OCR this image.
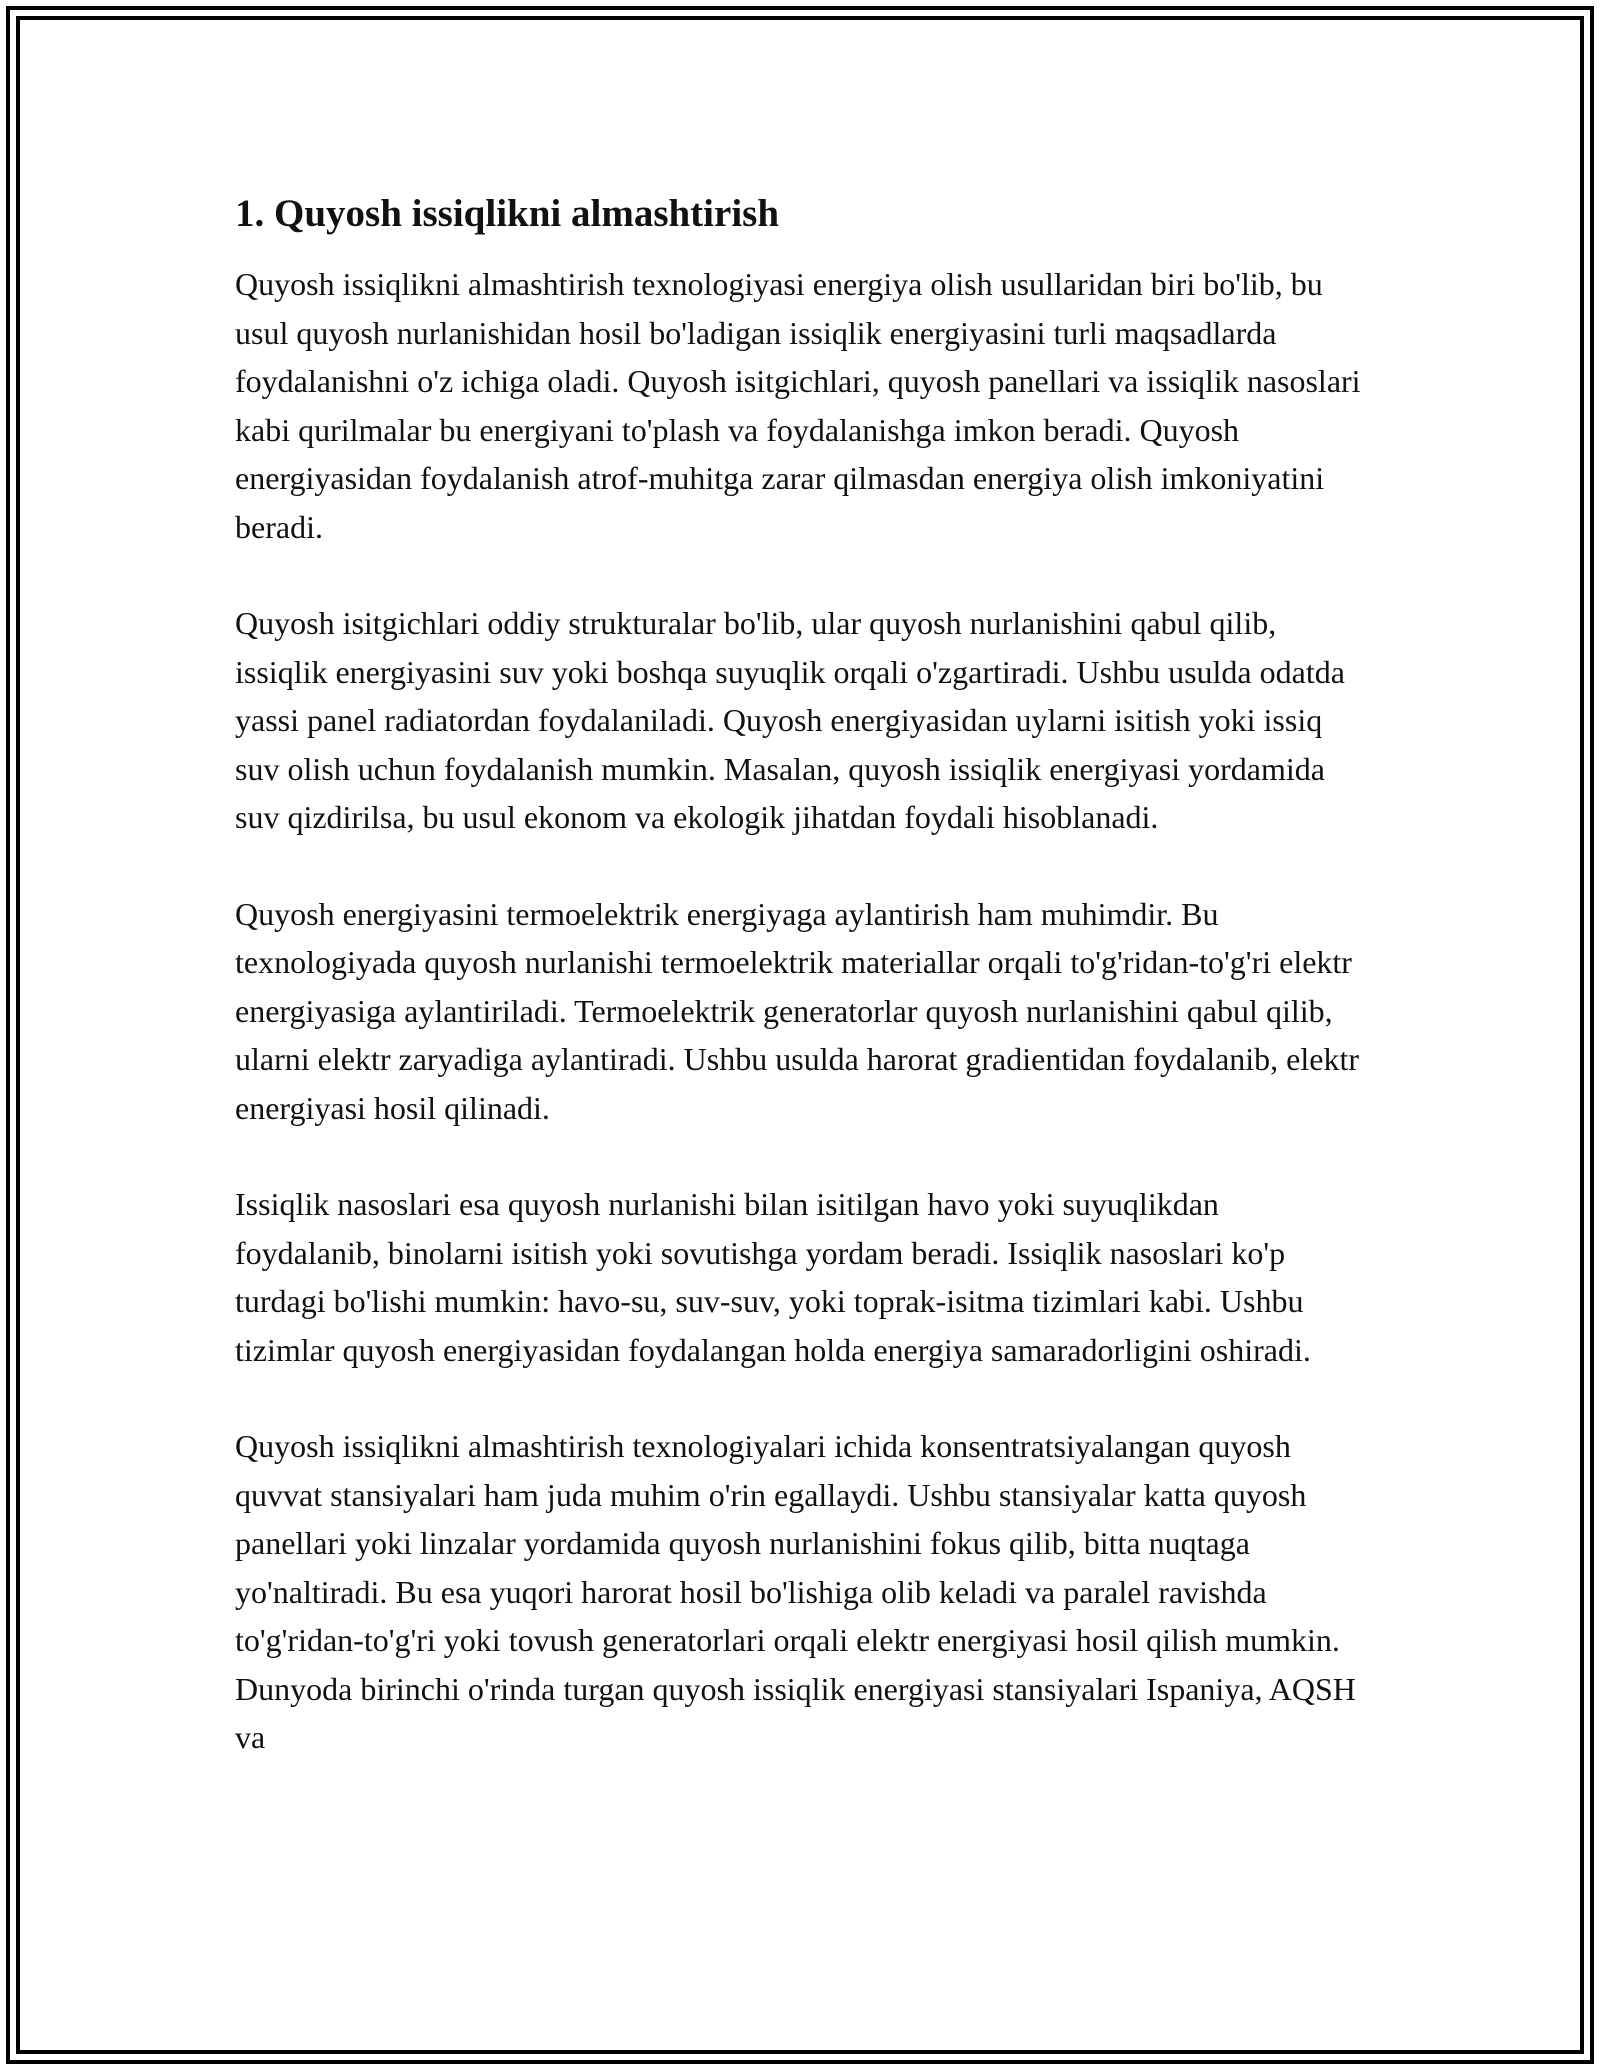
1. Quyosh issiqlikni almashtirish

Quyosh issiqlikni almashtirish texnologiyasi energiya olish usullaridan biri bo'lib, bu usul quyosh nurlanishidan hosil bo'ladigan issiqlik energiyasini turli maqsadlarda foydalanishni o'z ichiga oladi. Quyosh isitgichlari, quyosh panellari va issiqlik nasoslari kabi qurilmalar bu energiyani to'plash va foydalanishga imkon beradi. Quyosh energiyasidan foydalanish atrof-muhitga zarar qilmasdan energiya olish imkoniyatini beradi.

Quyosh isitgichlari oddiy strukturalar bo'lib, ular quyosh nurlanishini qabul qilib, issiqlik energiyasini suv yoki boshqa suyuqlik orqali o'zgartiradi. Ushbu usulda odatda yassi panel radiatordan foydalaniladi. Quyosh energiyasidan uylarni isitish yoki issiq suv olish uchun foydalanish mumkin. Masalan, quyosh issiqlik energiyasi yordamida suv qizdirilsa, bu usul ekonom va ekologik jihatdan foydali hisoblanadi.

Quyosh energiyasini termoelektrik energiyaga aylantirish ham muhimdir. Bu texnologiyada quyosh nurlanishi termoelektrik materiallar orqali to'g'ridan-to'g'ri elektr energiyasiga aylantiriladi. Termoelektrik generatorlar quyosh nurlanishini qabul qilib, ularni elektr zaryadiga aylantiradi. Ushbu usulda harorat gradientidan foydalanib, elektr energiyasi hosil qilinadi.

Issiqlik nasoslari esa quyosh nurlanishi bilan isitilgan havo yoki suyuqlikdan foydalanib, binolarni isitish yoki sovutishga yordam beradi. Issiqlik nasoslari ko'p turdagi bo'lishi mumkin: havo-su, suv-suv, yoki toprak-isitma tizimlari kabi. Ushbu tizimlar quyosh energiyasidan foydalangan holda energiya samaradorligini oshiradi.

Quyosh issiqlikni almashtirish texnologiyalari ichida konsentratsiyalangan quyosh quvvat stansiyalari ham juda muhim o'rin egallaydi. Ushbu stansiyalar katta quyosh panellari yoki linzalar yordamida quyosh nurlanishini fokus qilib, bitta nuqtaga yo'naltiradi. Bu esa yuqori harorat hosil bo'lishiga olib keladi va paralel ravishda to'g'ridan-to'g'ri yoki tovush generatorlari orqali elektr energiyasi hosil qilish mumkin. Dunyoda birinchi o'rinda turgan quyosh issiqlik energiyasi stansiyalari Ispaniya, AQSH va
